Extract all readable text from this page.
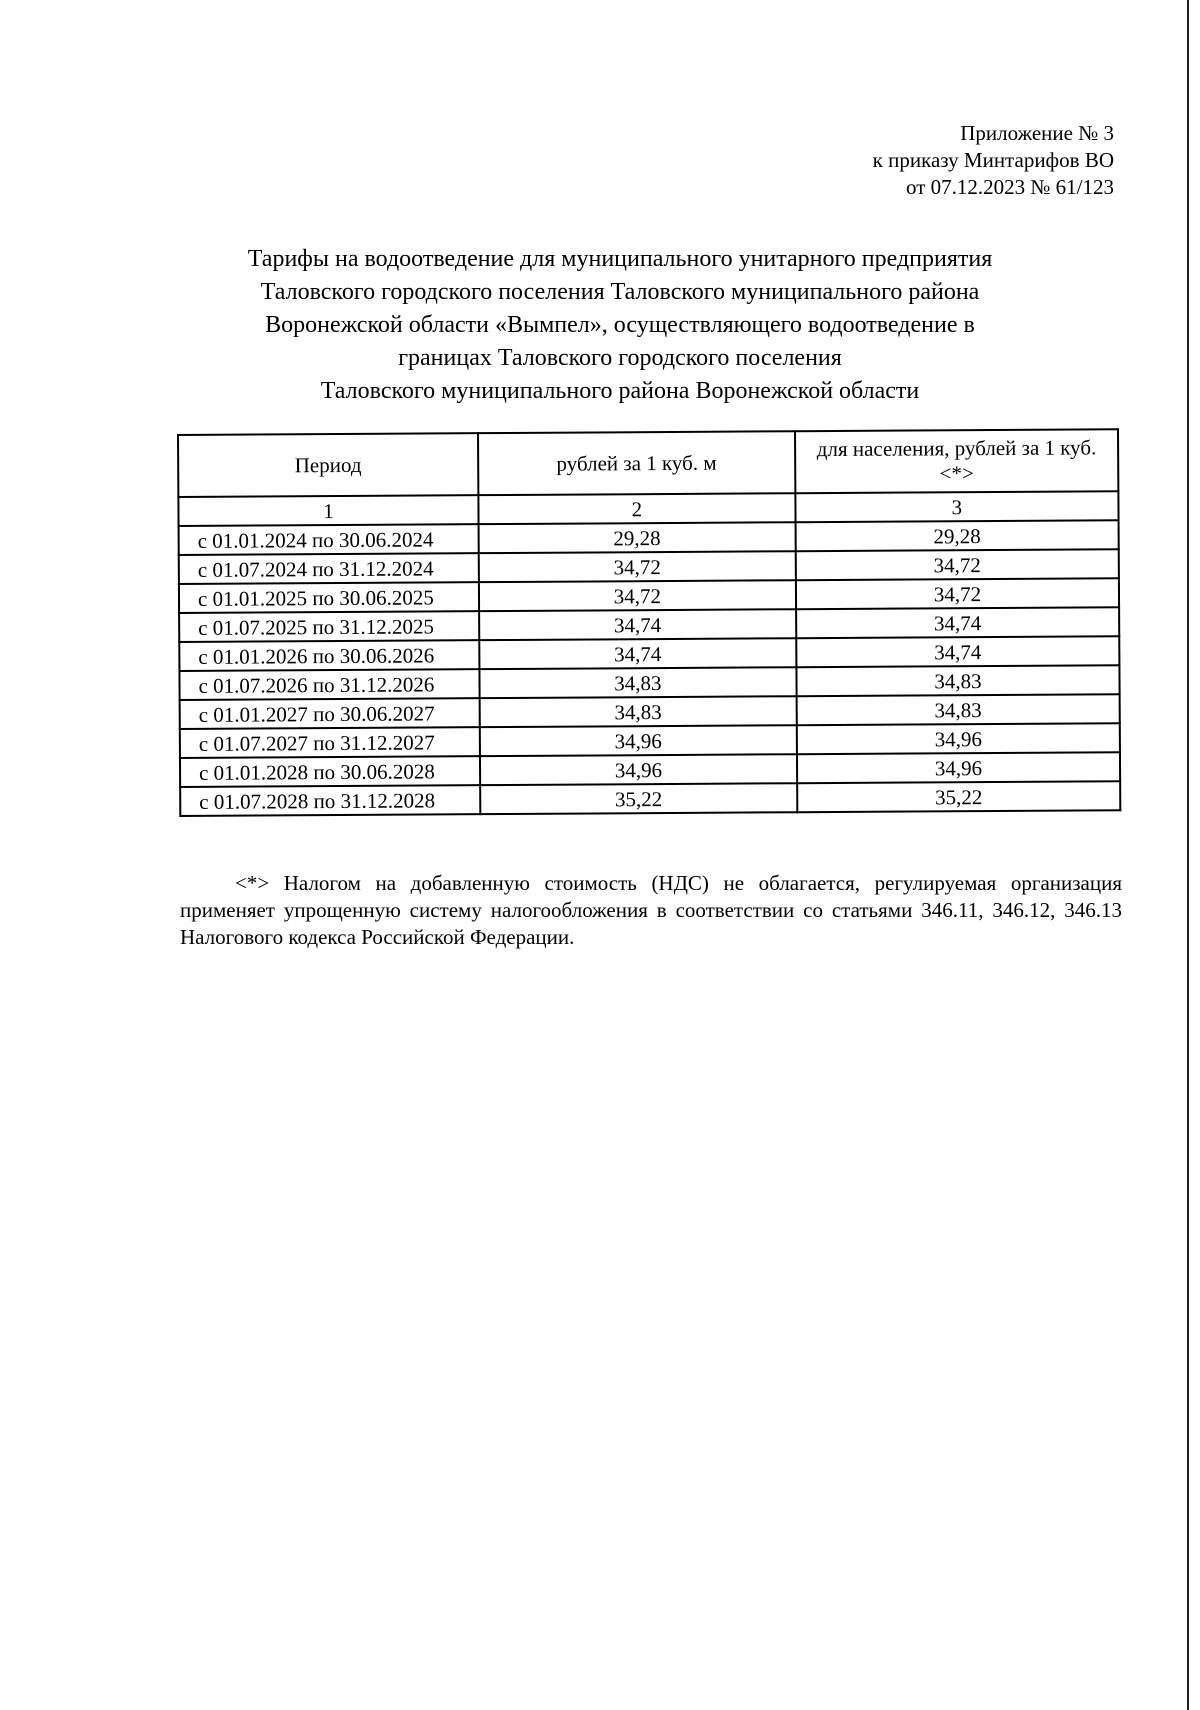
Приложение № 3
к приказу Минтарифов ВО
от 07.12.2023 № 61/123
Тарифы на водоотведение для муниципального унитарного предприятия
Таловского городского поселения Таловского муниципального района
Воронежской области «Вымпел», осуществляющего водоотведение в
границах Таловского городского поселения
Таловского муниципального района Воронежской области
Период	рублей за 1 куб. м	для населения, рублей за 1 куб. <*>
1	2	3
с 01.01.2024 по 30.06.2024	29,28	29,28
с 01.07.2024 по 31.12.2024	34,72	34,72
с 01.01.2025 по 30.06.2025	34,72	34,72
с 01.07.2025 по 31.12.2025	34,74	34,74
с 01.01.2026 по 30.06.2026	34,74	34,74
с 01.07.2026 по 31.12.2026	34,83	34,83
с 01.01.2027 по 30.06.2027	34,83	34,83
с 01.07.2027 по 31.12.2027	34,96	34,96
с 01.01.2028 по 30.06.2028	34,96	34,96
с 01.07.2028 по 31.12.2028	35,22	35,22

<*> Налогом на добавленную стоимость (НДС) не облагается, регулируемая организация применяет упрощенную систему налогообложения в соответствии со статьями 346.11, 346.12, 346.13 Налогового кодекса Российской Федерации.
